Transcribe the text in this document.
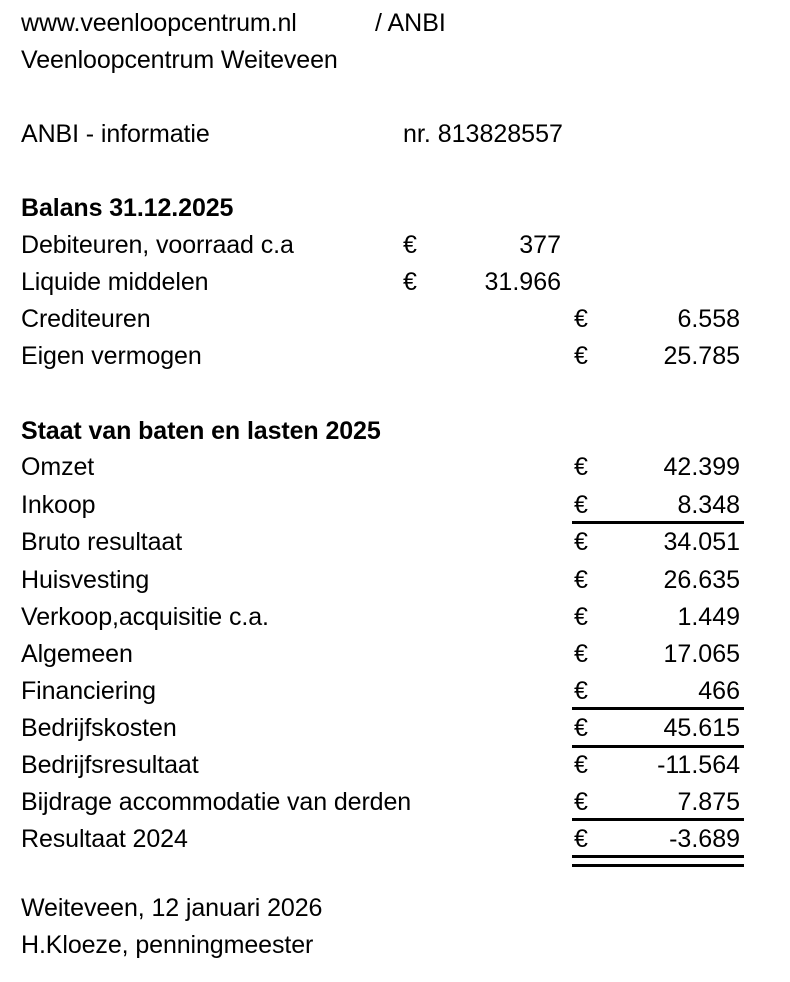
www.veenloopcentrum.nl	/ ANBI
Veenloopcentrum Weiteveen
ANBI - informatie	nr. 813828557
Balans 31.12.2025
Debiteuren, voorraad c.a	€	377
Liquide middelen	€	31.966
Crediteuren	€	6.558
Eigen vermogen	€	25.785
Staat van baten en lasten 2025
Omzet	€	42.399
Inkoop	€	8.348
Bruto resultaat	€	34.051
Huisvesting	€	26.635
Verkoop,acquisitie c.a.	€	1.449
Algemeen	€	17.065
Financiering	€	466
Bedrijfskosten	€	45.615
Bedrijfsresultaat	€	-11.564
Bijdrage accommodatie van derden	€	7.875
Resultaat 2024	€	-3.689
Weiteveen, 12 januari 2026
H.Kloeze, penningmeester
